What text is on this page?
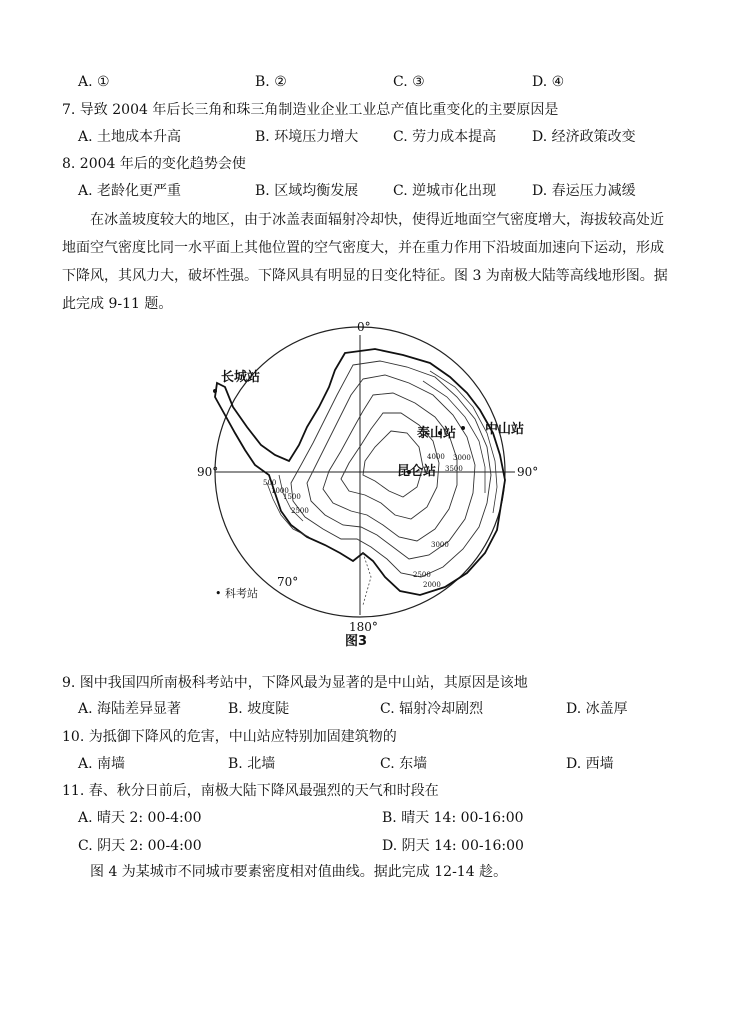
A. ①	B. ②	C. ③	D. ④
7. 导致 2004 年后长三角和珠三角制造业企业工业总产值比重变化的主要原因是
A. 土地成本升高	B. 环境压力增大 C. 劳力成本提高	D. 经济政策改变
8. 2004 年后的变化趋势会使
A. 老龄化更严重	B. 区域均衡发展 C. 逆城市化出现	D. 春运压力减缓
在冰盖坡度较大的地区，由于冰盖表面辐射冷却快，使得近地面空气密度增大，海拔较高处近
地面空气密度比同一水平面上其他位置的空气密度大，并在重力作用下沿坡面加速向下运动，形成
下降风，其风力大，破坏性强。下降风具有明显的日变化特征。图 3 为南极大陆等高线地形图。据
此完成 9-11 题。
0°
90°	90°
180°
70°
长城站
泰山站 中山站
昆仑站
4000
3500
3000
2500
2000
3000
1500
2500
1000
500
• 科考站
图3
9. 图中我国四所南极科考站中，下降风最为显著的是中山站，其原因是该地
A. 海陆差异显著	B. 坡度陡	C. 辐射冷却剧烈	D. 冰盖厚
10. 为抵御下降风的危害，中山站应特别加固建筑物的
A. 南墙	B. 北墙	C. 东墙	D. 西墙
11. 春、秋分日前后，南极大陆下降风最强烈的天气和时段在
A. 晴天 2: 00-4:00	B. 晴天 14: 00-16:00
C. 阴天 2: 00-4:00	D. 阴天 14: 00-16:00
图 4 为某城市不同城市要素密度相对值曲线。据此完成 12-14 趁。
